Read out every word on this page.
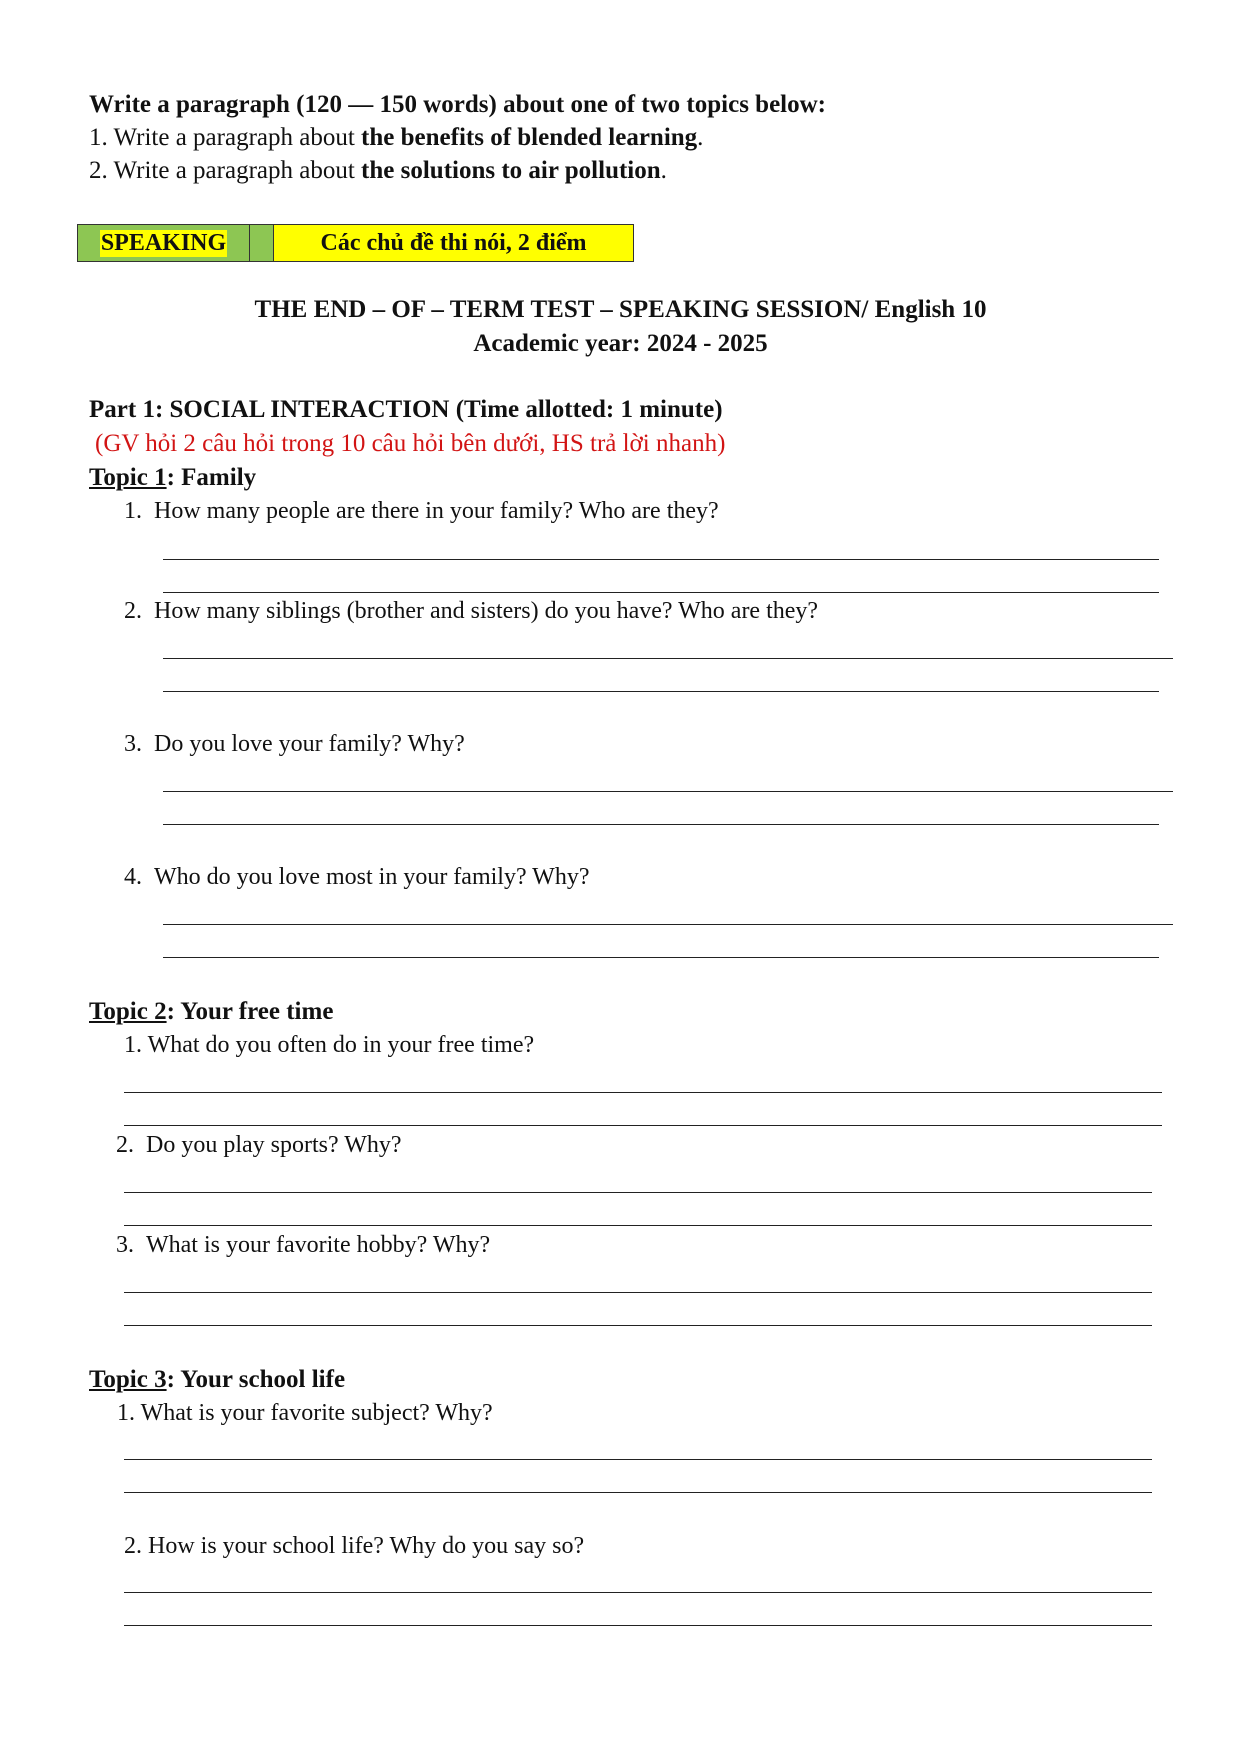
Write a paragraph (120 — 150 words) about one of two topics below:
1. Write a paragraph about the benefits of blended learning.
2. Write a paragraph about the solutions to air pollution.
SPEAKING	Các chủ đề thi nói, 2 điểm
THE END – OF – TERM TEST – SPEAKING SESSION/ English 10
Academic year: 2024 - 2025
Part 1: SOCIAL INTERACTION (Time allotted: 1 minute)
(GV hỏi 2 câu hỏi trong 10 câu hỏi bên dưới, HS trả lời nhanh)
Topic 1: Family
1. How many people are there in your family? Who are they?
2. How many siblings (brother and sisters) do you have? Who are they?
3. Do you love your family? Why?
4. Who do you love most in your family? Why?
Topic 2: Your free time
1. What do you often do in your free time?
2. Do you play sports? Why?
3. What is your favorite hobby? Why?
Topic 3: Your school life
1. What is your favorite subject? Why?
2. How is your school life? Why do you say so?
